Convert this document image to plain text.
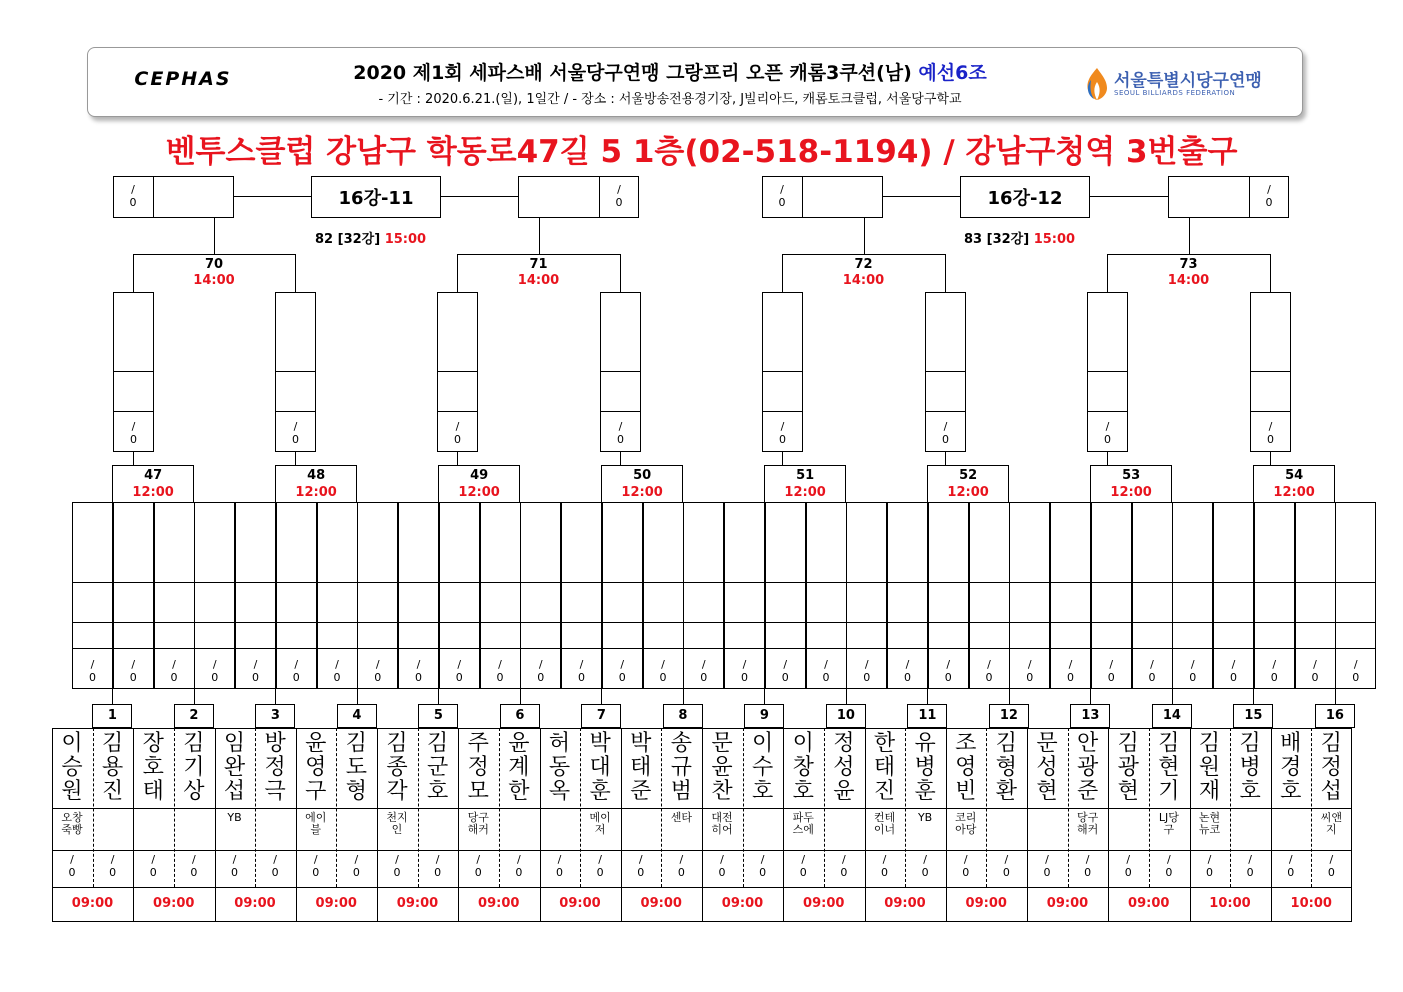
CEPHAS	2020 제1회 세파스배 서울당구연맹 그랑프리 오픈 캐롬3쿠션(남) 예선6조
- 기간 : 2020.6.21.(일), 1일간 / - 장소 : 서울방송전용경기장, J빌리아드, 캐롬토크클럽, 서울당구학교
서울특별시당구연맹
SEOUL BILLIARDS FEDERATION
벤투스클럽 강남구 학동로47길 5 1층(02-518-1194) / 강남구청역 3번출구
/
0
/
0
/
0
/
0
/
0
/
0
/
0
/
0
/
0
/
0
/
0
/
0
/
0
/
0
/
0
/
0
/
0
/
0
/
0
/
0
/
0
/
0
/
0
/
0
/
0
/
0
/
0
/
0
/
0
/
0
/
0
/
0
1	2	3	4	5	6	7	8	9	10	11	12	13	14	15	16
이승원
오창죽빵
/
0
김용진
/
0
09:00
장호태
/
0
김기상
/
0
09:00
임완섭
YB
/
0
방정극
/
0
09:00
윤영구
에이블
/
0
김도형
/
0
09:00
김종각
천지인
/
0
김군호
/
0
09:00
주정모
당구해커
/
0
윤계한
/
0
09:00
허동옥
/
0
박대훈
메이저
/
0
09:00
박태준
/
0
송규범
센타
/
0
09:00
문윤찬
대전히어
/
0
이수호
/
0
09:00
이창호
파두스에
/
0
정성윤
/
0
09:00
한태진
컨테이너
/
0
유병훈
YB
/
0
09:00
조영빈
코리아당
/
0
김형환
/
0
09:00
문성현
/
0
안광준
당구해커
/
0
09:00
김광현
/
0
김현기
LJ당구
/
0
09:00
김원재
논현뉴코
/
0
김병호
/
0
10:00
배경호
/
0
김정섭
씨앤지
/
0
10:00
47
12:00
48
12:00
49
12:00
50
12:00
51
12:00
52
12:00
53
12:00
54
12:00
/
0
/
0
/
0
/
0
/
0
/
0
/
0
/
0
70
14:00
71
14:00
72
14:00
73
14:00
/
0
/
0
16강-11
82 [32강] 15:00
/
0
/
0
16강-12
83 [32강] 15:00
